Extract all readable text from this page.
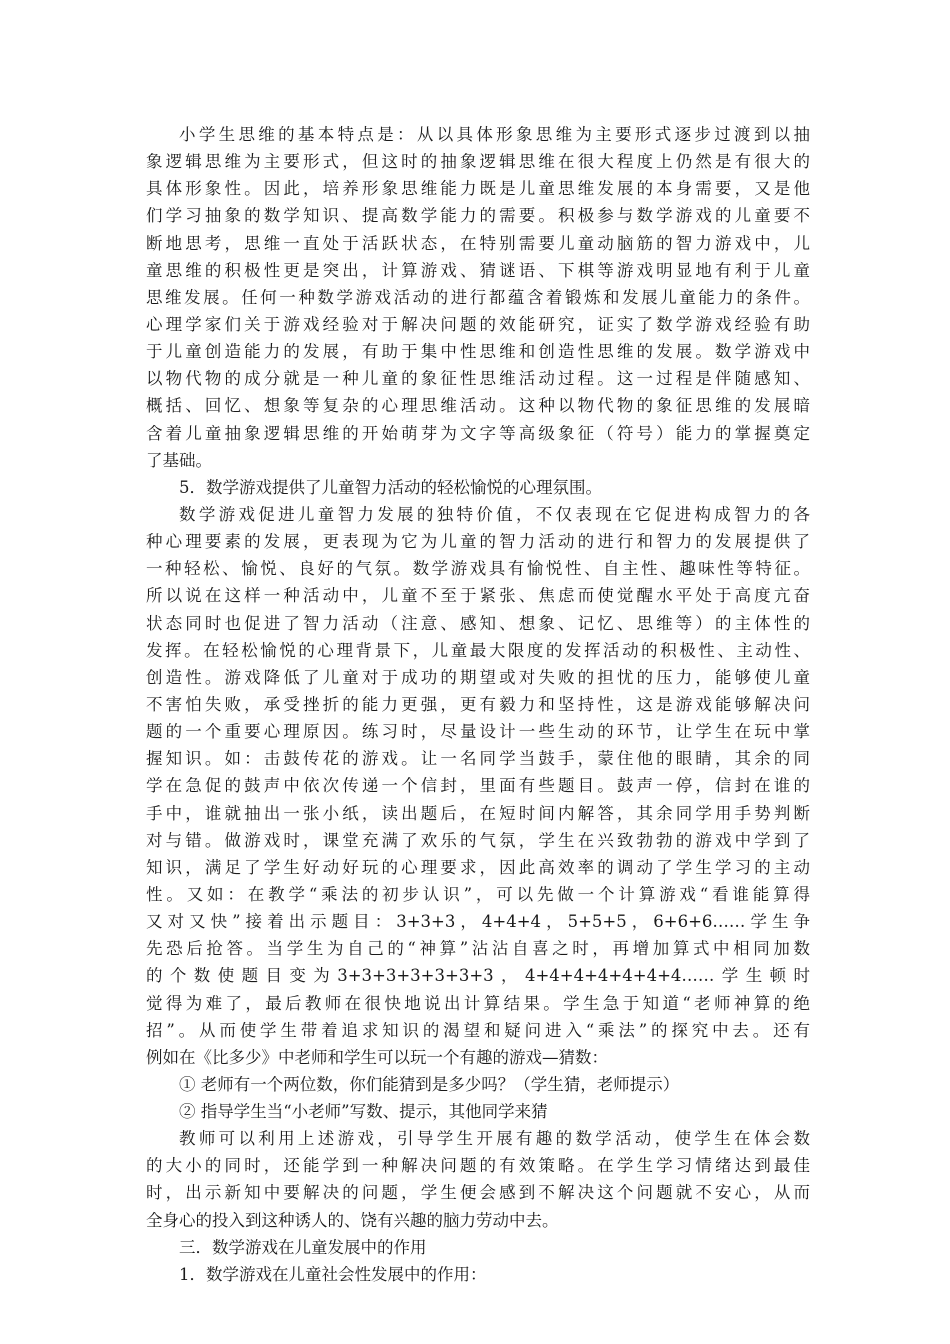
小学生思维的基本特点是：从以具体形象思维为主要形式逐步过渡到以抽
象逻辑思维为主要形式，但这时的抽象逻辑思维在很大程度上仍然是有很大的
具体形象性。因此，培养形象思维能力既是儿童思维发展的本身需要，又是他
们学习抽象的数学知识、提高数学能力的需要。积极参与数学游戏的儿童要不
断地思考，思维一直处于活跃状态，在特别需要儿童动脑筋的智力游戏中，儿
童思维的积极性更是突出，计算游戏、猜谜语、下棋等游戏明显地有利于儿童
思维发展。任何一种数学游戏活动的进行都蕴含着锻炼和发展儿童能力的条件。
心理学家们关于游戏经验对于解决问题的效能研究，证实了数学游戏经验有助
于儿童创造能力的发展，有助于集中性思维和创造性思维的发展。数学游戏中
以物代物的成分就是一种儿童的象征性思维活动过程。这一过程是伴随感知、
概括、回忆、想象等复杂的心理思维活动。这种以物代物的象征思维的发展暗
含着儿童抽象逻辑思维的开始萌芽为文字等高级象征（符号）能力的掌握奠定
了基础。
5．数学游戏提供了儿童智力活动的轻松愉悦的心理氛围。
数学游戏促进儿童智力发展的独特价值，不仅表现在它促进构成智力的各
种心理要素的发展，更表现为它为儿童的智力活动的进行和智力的发展提供了
一种轻松、愉悦、良好的气氛。数学游戏具有愉悦性、自主性、趣味性等特征。
所以说在这样一种活动中，儿童不至于紧张、焦虑而使觉醒水平处于高度亢奋
状态同时也促进了智力活动（注意、感知、想象、记忆、思维等）的主体性的
发挥。在轻松愉悦的心理背景下，儿童最大限度的发挥活动的积极性、主动性、
创造性。游戏降低了儿童对于成功的期望或对失败的担忧的压力，能够使儿童
不害怕失败，承受挫折的能力更强，更有毅力和坚持性，这是游戏能够解决问
题的一个重要心理原因。练习时，尽量设计一些生动的环节，让学生在玩中掌
握知识。如：击鼓传花的游戏。让一名同学当鼓手，蒙住他的眼睛，其余的同
学在急促的鼓声中依次传递一个信封，里面有些题目。鼓声一停，信封在谁的
手中，谁就抽出一张小纸，读出题后，在短时间内解答，其余同学用手势判断
对与错。做游戏时，课堂充满了欢乐的气氛，学生在兴致勃勃的游戏中学到了
知识，满足了学生好动好玩的心理要求，因此高效率的调动了学生学习的主动
性。又如：在教学“乘法的初步认识”，可以先做一个计算游戏“看谁能算得
又对又快”接着出示题目：3+3+3，4+4+4，5+5+5，6+6+6……学生争
先恐后抢答。当学生为自己的“神算”沾沾自喜之时，再增加算式中相同加数
的个数使题目变为3+3+3+3+3+3+3，4+4+4+4+4+4+4……学生顿时
觉得为难了，最后教师在很快地说出计算结果。学生急于知道“老师神算的绝
招”。从而使学生带着追求知识的渴望和疑问进入“乘法”的探究中去。还有
例如在《比多少》中老师和学生可以玩一个有趣的游戏—猜数：
① 老师有一个两位数，你们能猜到是多少吗？（学生猜，老师提示）
② 指导学生当“小老师”写数、提示，其他同学来猜
教师可以利用上述游戏，引导学生开展有趣的数学活动，使学生在体会数
的大小的同时，还能学到一种解决问题的有效策略。在学生学习情绪达到最佳
时，出示新知中要解决的问题，学生便会感到不解决这个问题就不安心，从而
全身心的投入到这种诱人的、饶有兴趣的脑力劳动中去。
三．数学游戏在儿童发展中的作用
1．数学游戏在儿童社会性发展中的作用：
